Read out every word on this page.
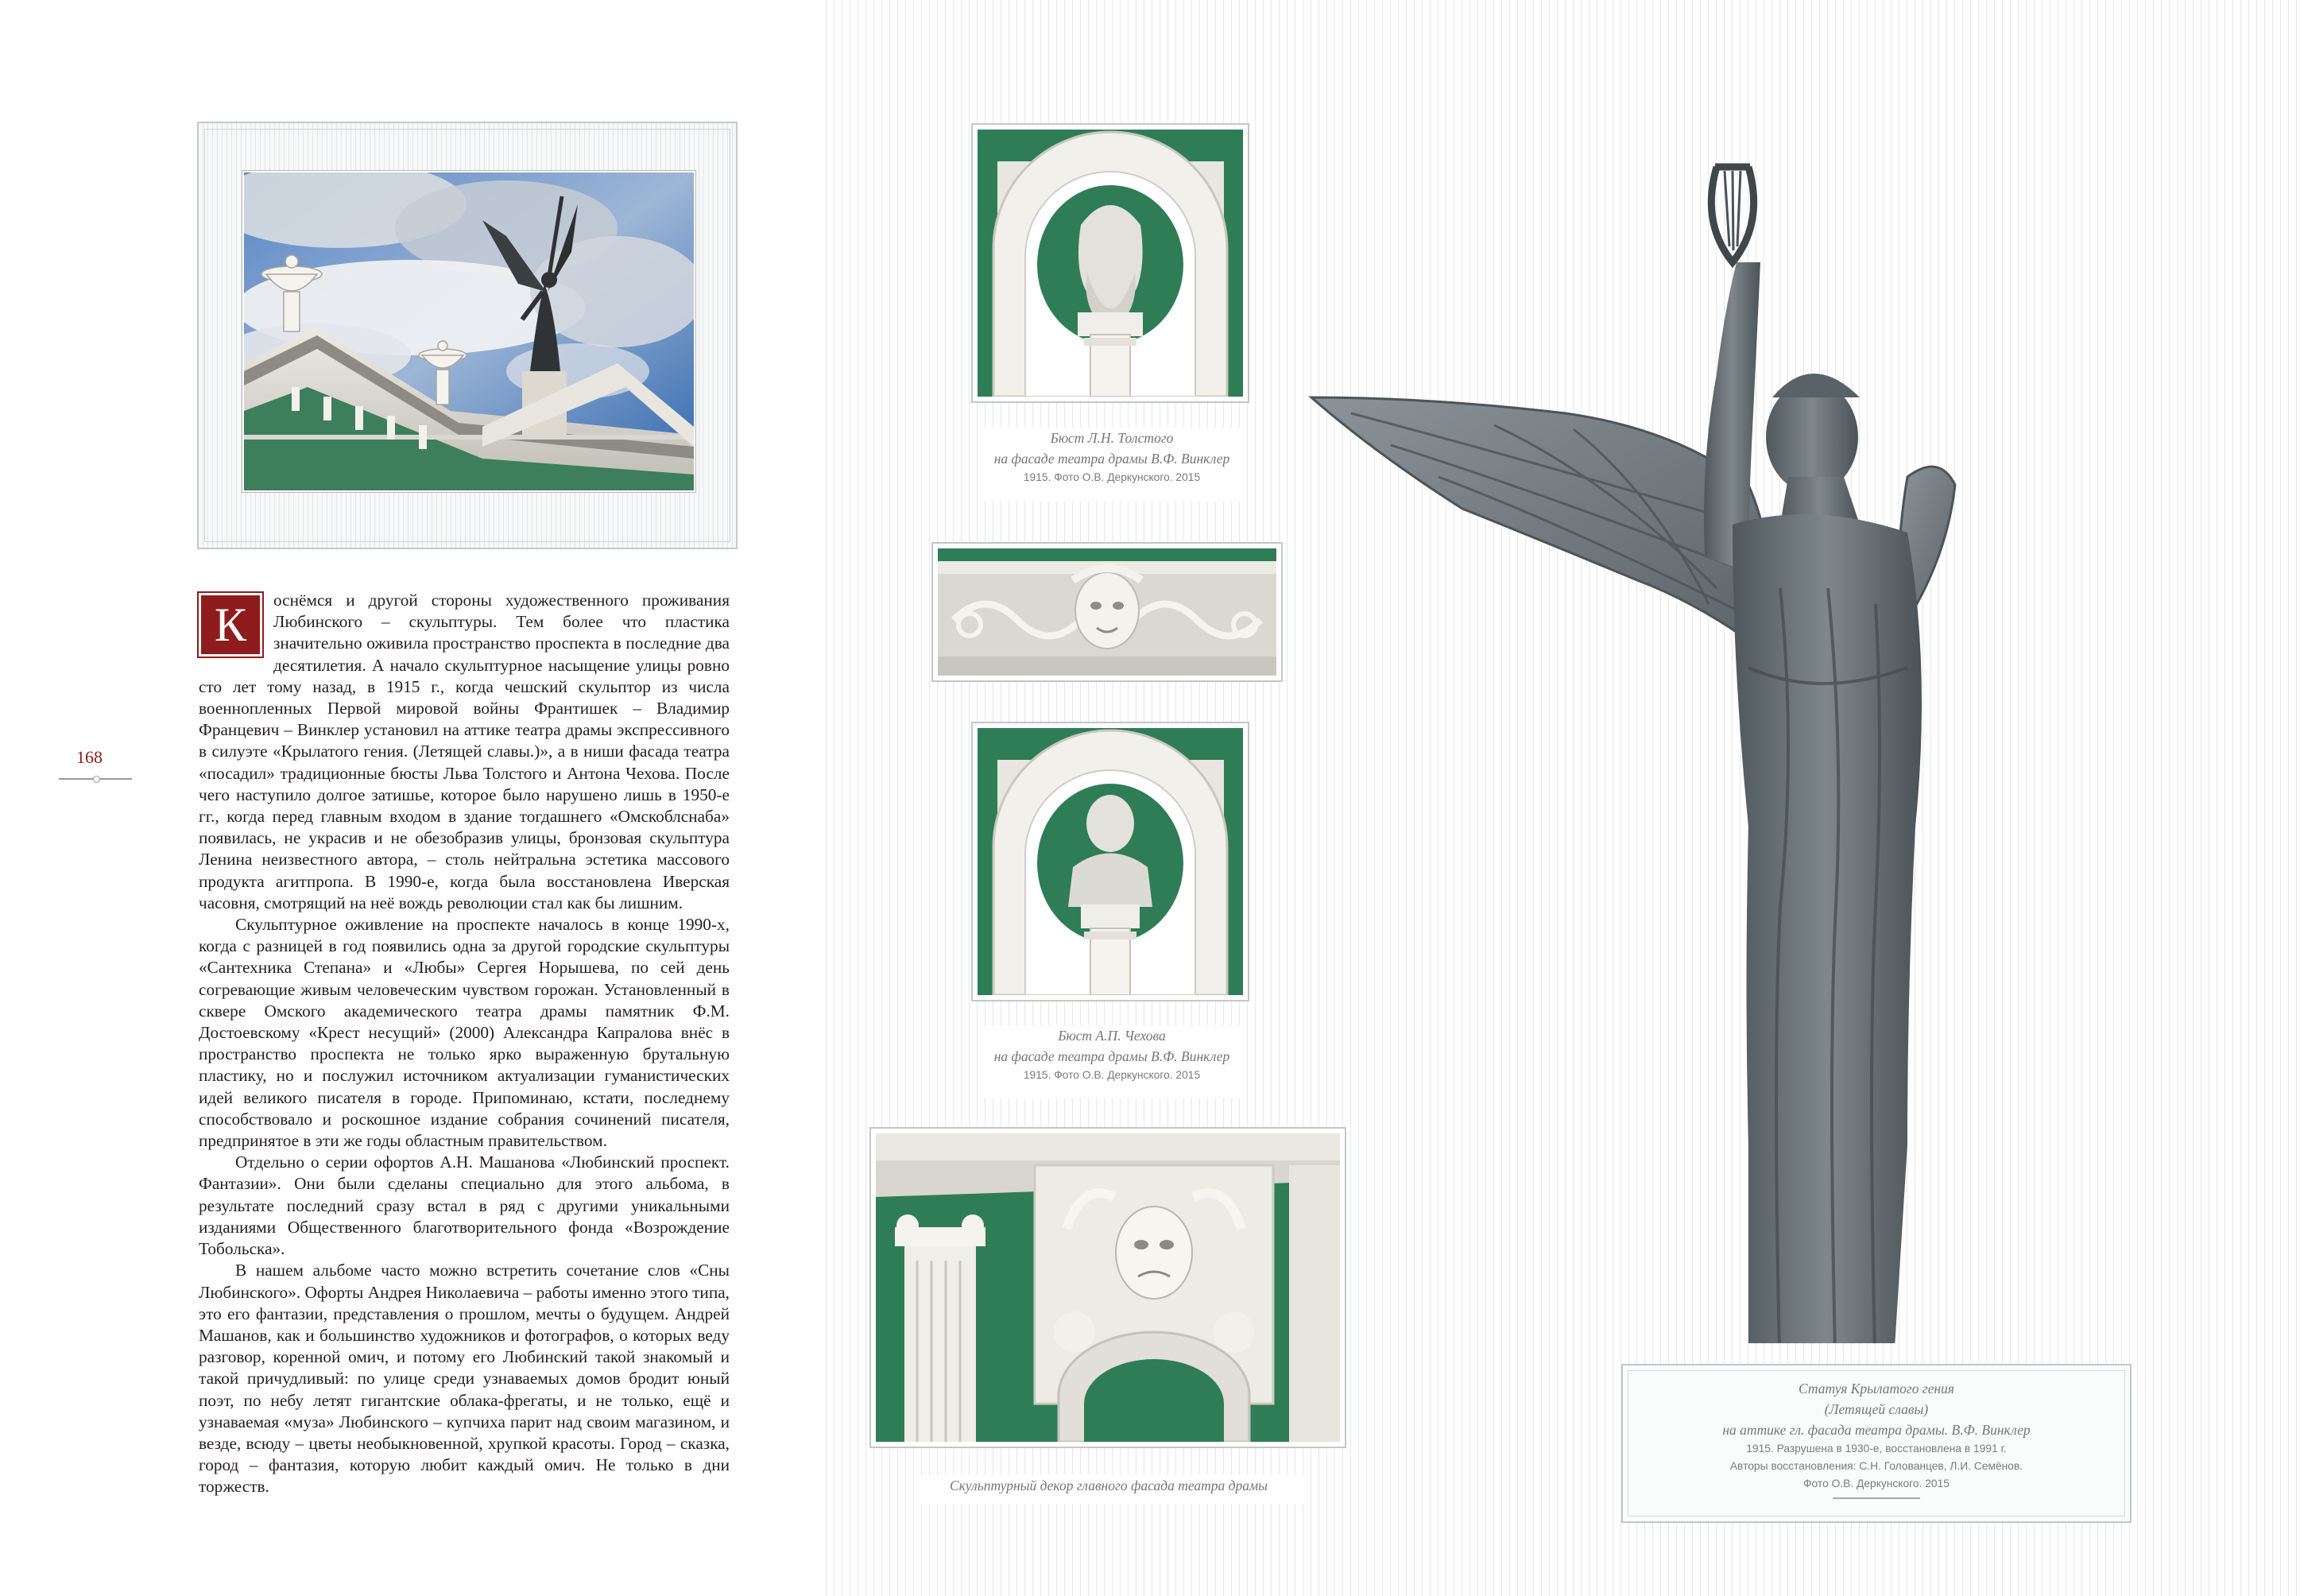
К	оснёмся и другой стороны художественного проживания Любинского – скульптуры. Тем более что пластика значительно оживила пространство проспекта в последние два десятилетия. А начало скульптурное насыщение улицы ровно сто лет тому назад, в 1915 г., когда чешский скульптор из числа военнопленных Первой мировой войны Франтишек – Владимир Францевич – Винклер установил на аттике театра драмы экспрессивного в силуэте «Крылатого гения. (Летящей славы.)», а в ниши фасада театра «посадил» традиционные бюсты Льва Толстого и Антона Чехова. После чего наступило долгое затишье, которое было нарушено лишь в 1950-е гг., когда перед главным входом в здание тогдашнего «Омскоблснаба» появилась, не украсив и не обезобразив улицы, бронзовая скульптура Ленина неизвестного автора, – столь нейтральна эстетика массового продукта агитпропа. В 1990-е, когда была восстановлена Иверская часовня, смотрящий на неё вождь революции стал как бы лишним.

Скульптурное оживление на проспекте началось в конце 1990-х, когда с разницей в год появились одна за другой городские скульптуры «Сантехника Степана» и «Любы» Сергея Норышева, по сей день согревающие живым человеческим чувством горожан. Установленный в сквере Омского академического театра драмы памятник Ф.М. Достоевскому «Крест несущий» (2000) Александра Капралова внёс в пространство проспекта не только ярко выраженную брутальную пластику, но и послужил источником актуализации гуманистических идей великого писателя в городе. Припоминаю, кстати, последнему способствовало и роскошное издание собрания сочинений писателя, предпринятое в эти же годы областным правительством.

Отдельно о серии офортов А.Н. Машанова «Любинский проспект. Фантазии». Они были сделаны специально для этого альбома, в результате последний сразу встал в ряд с другими уникальными изданиями Общественного благотворительного фонда «Возрождение Тобольска».

В нашем альбоме часто можно встретить сочетание слов «Сны Любинского». Офорты Андрея Николаевича – работы именно этого типа, это его фантазии, представления о прошлом, мечты о будущем. Андрей Машанов, как и большинство художников и фотографов, о которых веду разговор, коренной омич, и потому его Любинский такой знакомый и такой причудливый: по улице среди узнаваемых домов бродит юный поэт, по небу летят гигантские облака-фрегаты, и не только, ещё и узнаваемая «муза» Любинского – купчиха парит над своим магазином, и везде, всюду – цветы необыкновенной, хрупкой красоты. Город – сказка, город – фантазия, которую любит каждый омич. Не только в дни торжеств.

168
Бюст Л.Н. Толстого
на фасаде театра драмы В.Ф. Винклер
1915. Фото О.В. Деркунского. 2015
Бюст А.П. Чехова
на фасаде театра драмы В.Ф. Винклер
1915. Фото О.В. Деркунского. 2015
Скульптурный декор главного фасада театра драмы
Статуя Крылатого гения
(Летящей славы)
на аттике гл. фасада театра драмы. В.Ф. Винклер
1915. Разрушена в 1930-е, восстановлена в 1991 г.
Авторы восстановления: С.Н. Голованцев, Л.И. Семёнов.
Фото О.В. Деркунского. 2015
